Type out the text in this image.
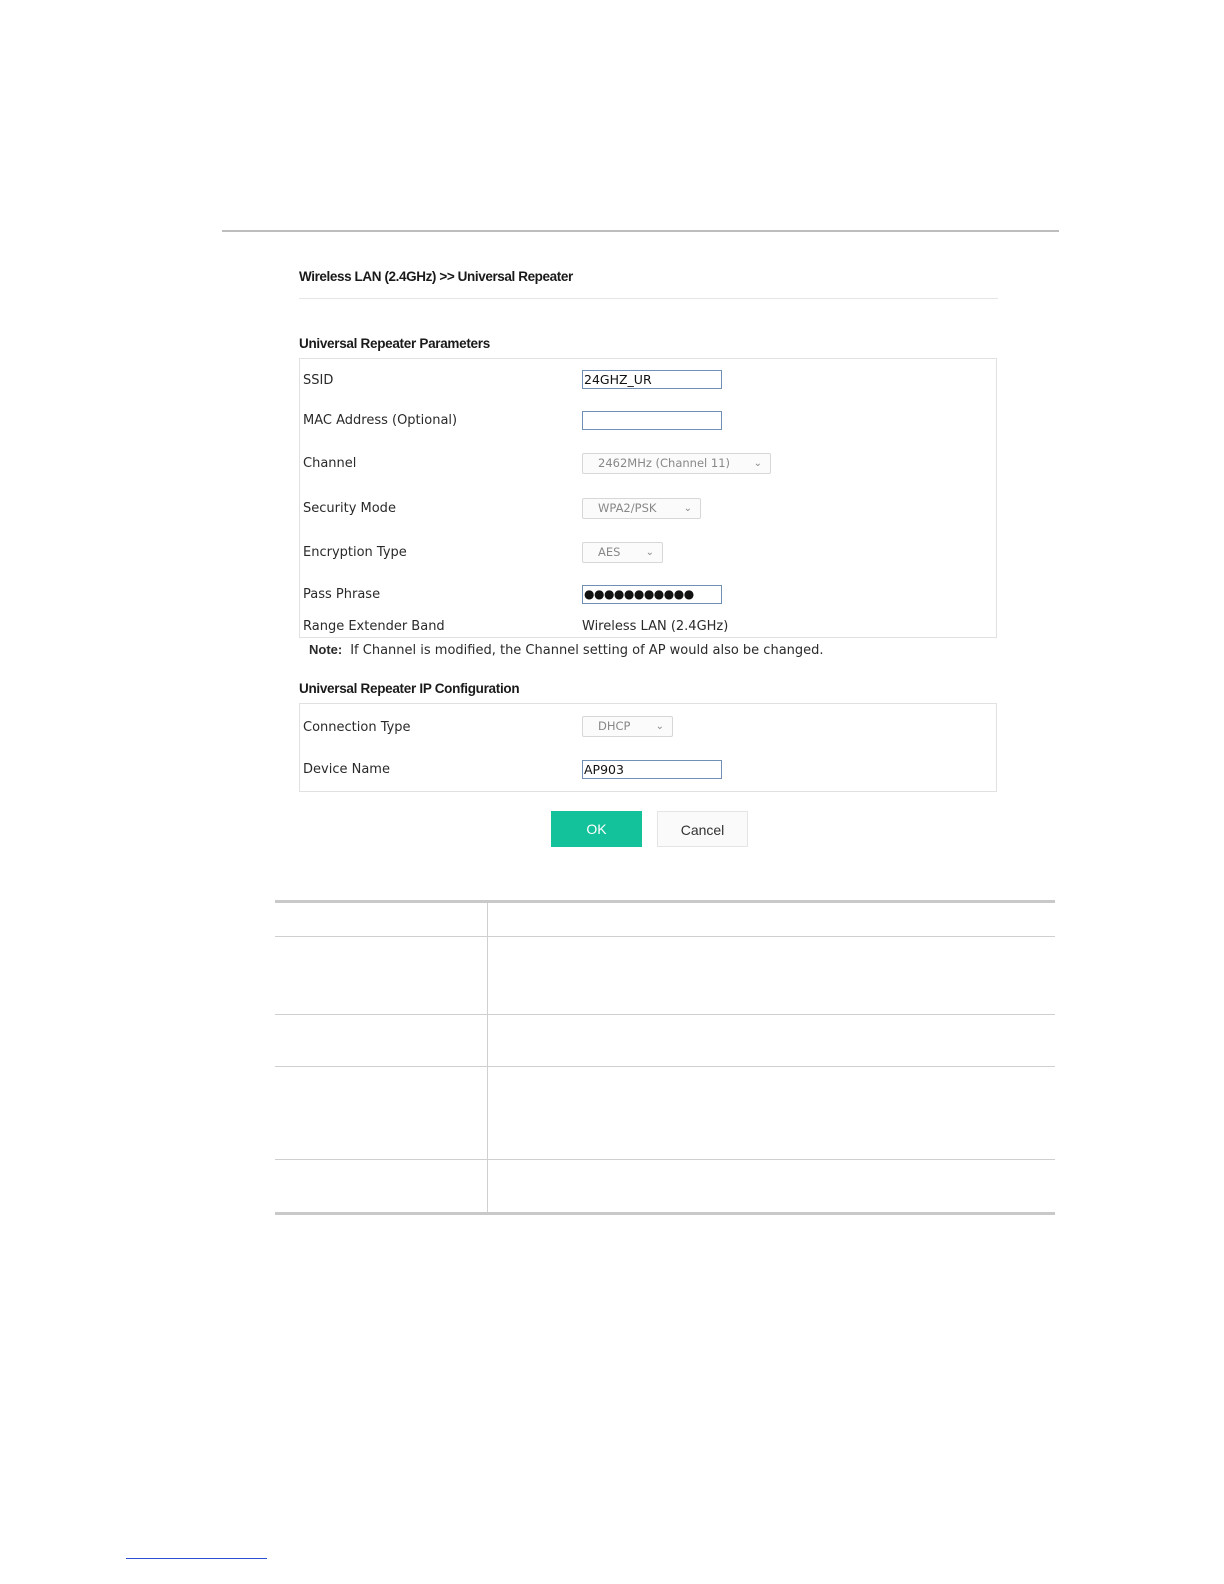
Wireless LAN (2.4GHz) >> Universal Repeater
Universal Repeater Parameters
SSID	24GHZ_UR
MAC Address (Optional)
Channel	2462MHz (Channel 11) ⌄
Security Mode	WPA2/PSK	⌄
Encryption Type	AES	⌄
Pass Phrase	●●●●●●●●●●●
Range Extender Band	Wireless LAN (2.4GHz)
Note: If Channel is modified, the Channel setting of AP would also be changed.
Universal Repeater IP Configuration
Connection Type	DHCP	⌄
Device Name	AP903
OK	Cancel
